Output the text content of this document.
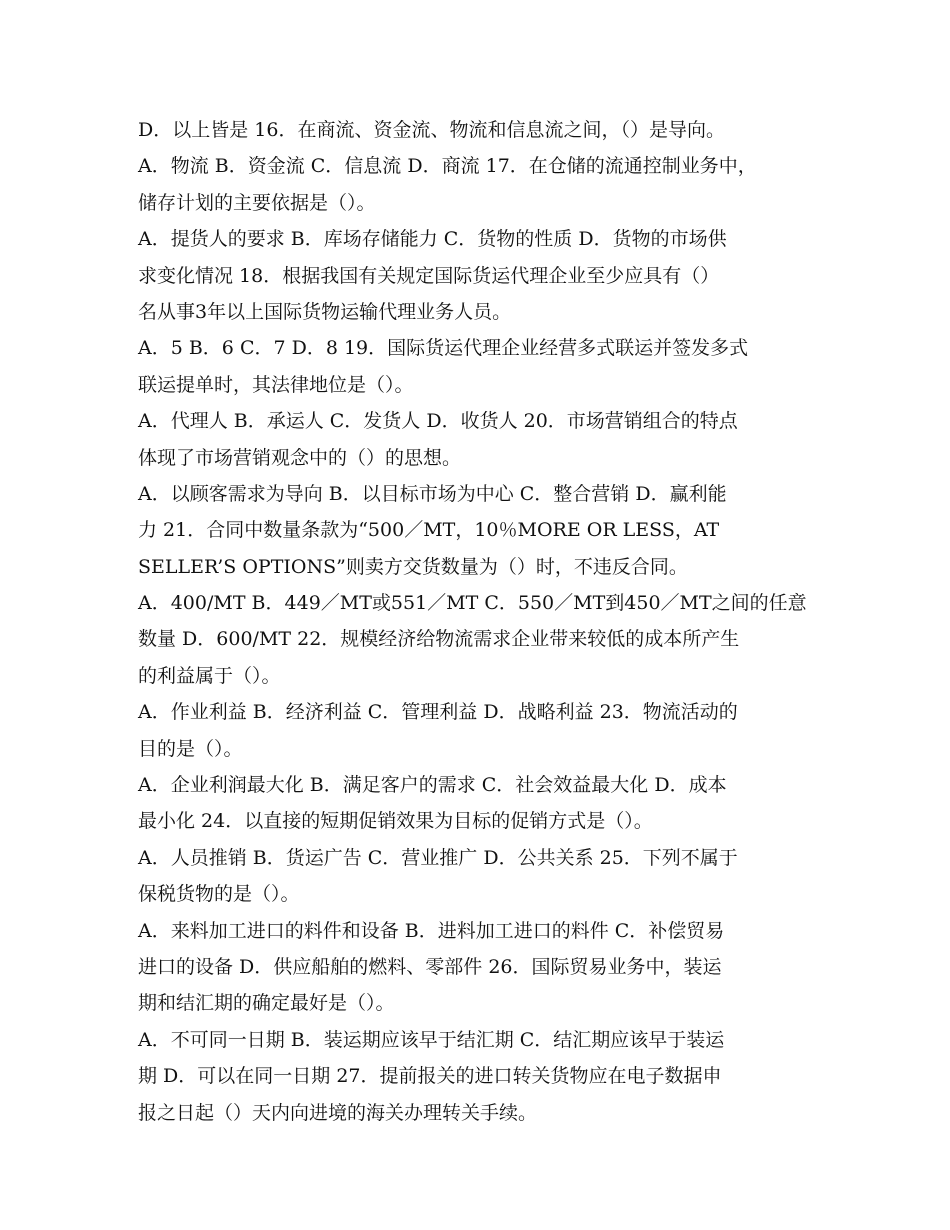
D．以上皆是 16．在商流、资金流、物流和信息流之间，（）是导向。
A．物流 B．资金流 C．信息流 D．商流 17．在仓储的流通控制业务中，
储存计划的主要依据是（）。
A．提货人的要求 B．库场存储能力 C．货物的性质 D．货物的市场供
求变化情况 18．根据我国有关规定国际货运代理企业至少应具有（）
名从事3年以上国际货物运输代理业务人员。
A．5 B．6 C．7 D．8 19．国际货运代理企业经营多式联运并签发多式
联运提单时，其法律地位是（）。
A．代理人 B．承运人 C．发货人 D．收货人 20．市场营销组合的特点
体现了市场营销观念中的（）的思想。
A．以顾客需求为导向 B．以目标市场为中心 C．整合营销 D．赢利能
力 21．合同中数量条款为“500／MT，10％MORE OR LESS，AT
SELLER’S OPTIONS”则卖方交货数量为（）时，不违反合同。
A．400/MT B．449／MT或551／MT C．550／MT到450／MT之间的任意
数量 D．600/MT 22．规模经济给物流需求企业带来较低的成本所产生
的利益属于（）。
A．作业利益 B．经济利益 C．管理利益 D．战略利益 23．物流活动的
目的是（）。
A．企业利润最大化 B．满足客户的需求 C．社会效益最大化 D．成本
最小化 24．以直接的短期促销效果为目标的促销方式是（）。
A．人员推销 B．货运广告 C．营业推广 D．公共关系 25．下列不属于
保税货物的是（）。
A．来料加工进口的料件和设备 B．进料加工进口的料件 C．补偿贸易
进口的设备 D．供应船舶的燃料、零部件 26．国际贸易业务中，装运
期和结汇期的确定最好是（）。
A．不可同一日期 B．装运期应该早于结汇期 C．结汇期应该早于装运
期 D．可以在同一日期 27．提前报关的进口转关货物应在电子数据申
报之日起（）天内向进境的海关办理转关手续。
